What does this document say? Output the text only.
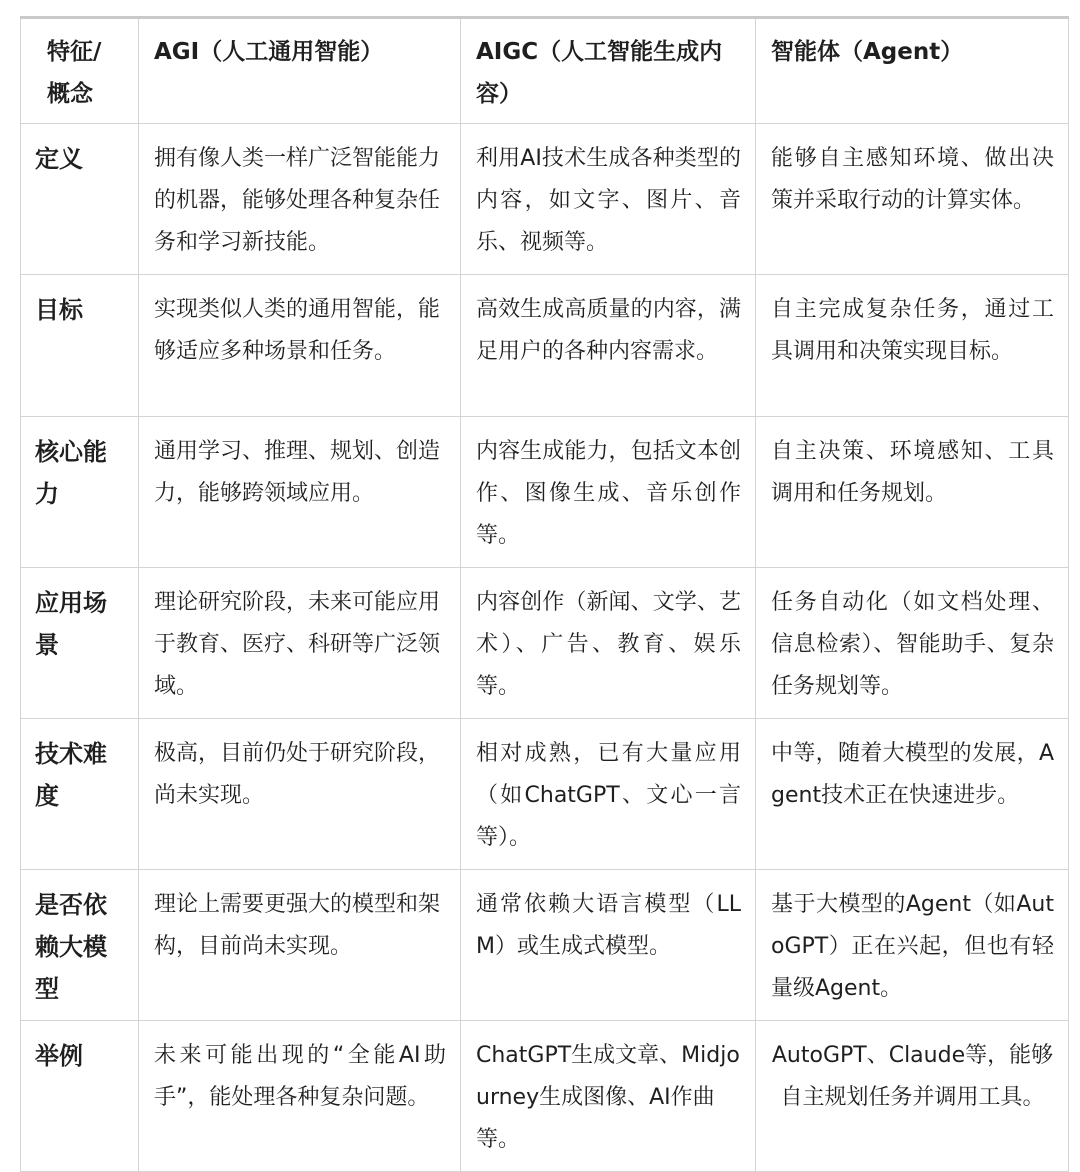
特征/概念	AGI（人工通用智能）	AIGC（人工智能生成内容）	智能体（Agent）
定义	拥有像人类一样广泛智能能力的机器，能够处理各种复杂任务和学习新技能。	利用AI技术生成各种类型的内容，如文字、图片、音乐、视频等。	能够自主感知环境、做出决策并采取行动的计算实体。
目标	实现类似人类的通用智能，能够适应多种场景和任务。	高效生成高质量的内容，满足用户的各种内容需求。	自主完成复杂任务，通过工具调用和决策实现目标。
核心能力	通用学习、推理、规划、创造力，能够跨领域应用。	内容生成能力，包括文本创作、图像生成、音乐创作等。	自主决策、环境感知、工具调用和任务规划。
应用场景	理论研究阶段，未来可能应用于教育、医疗、科研等广泛领域。	内容创作（新闻、文学、艺术）、广告、教育、娱乐等。	任务自动化（如文档处理、信息检索）、智能助手、复杂任务规划等。
技术难度	极高，目前仍处于研究阶段，尚未实现。	相对成熟，已有大量应用（如ChatGPT、文心一言等）。	中等，随着大模型的发展，Agent技术正在快速进步。
是否依赖大模型	理论上需要更强大的模型和架构，目前尚未实现。	通常依赖大语言模型（LLM）或生成式模型。	基于大模型的Agent（如AutoGPT）正在兴起，但也有轻量级Agent。
举例	未来可能出现的“全能AI助手”，能处理各种复杂问题。	ChatGPT生成文章、Midjourney生成图像、AI作曲等。	AutoGPT、Claude等，能够自主规划任务并调用工具。
